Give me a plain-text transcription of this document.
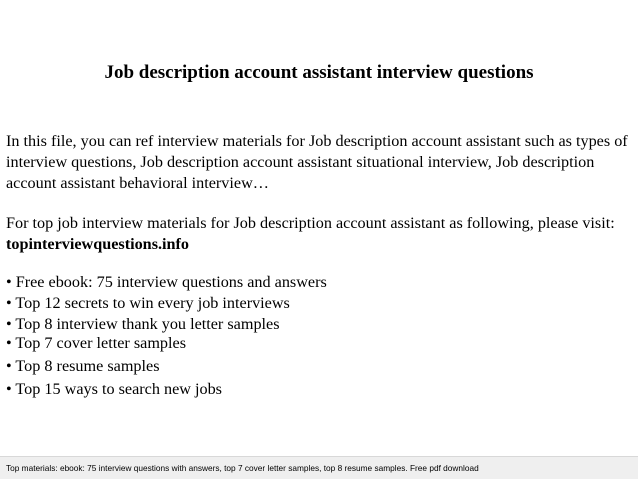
Job description account assistant interview questions

In this file, you can ref interview materials for Job description account assistant such as types of interview questions, Job description account assistant situational interview, Job description account assistant behavioral interview…

For top job interview materials for Job description account assistant as following, please visit: topinterviewquestions.info

• Free ebook: 75 interview questions and answers
• Top 12 secrets to win every job interviews
• Top 8 interview thank you letter samples
• Top 7 cover letter samples
• Top 8 resume samples
• Top 15 ways to search new jobs
Top materials: ebook: 75 interview questions with answers, top 7 cover letter samples, top 8 resume samples. Free pdf download
